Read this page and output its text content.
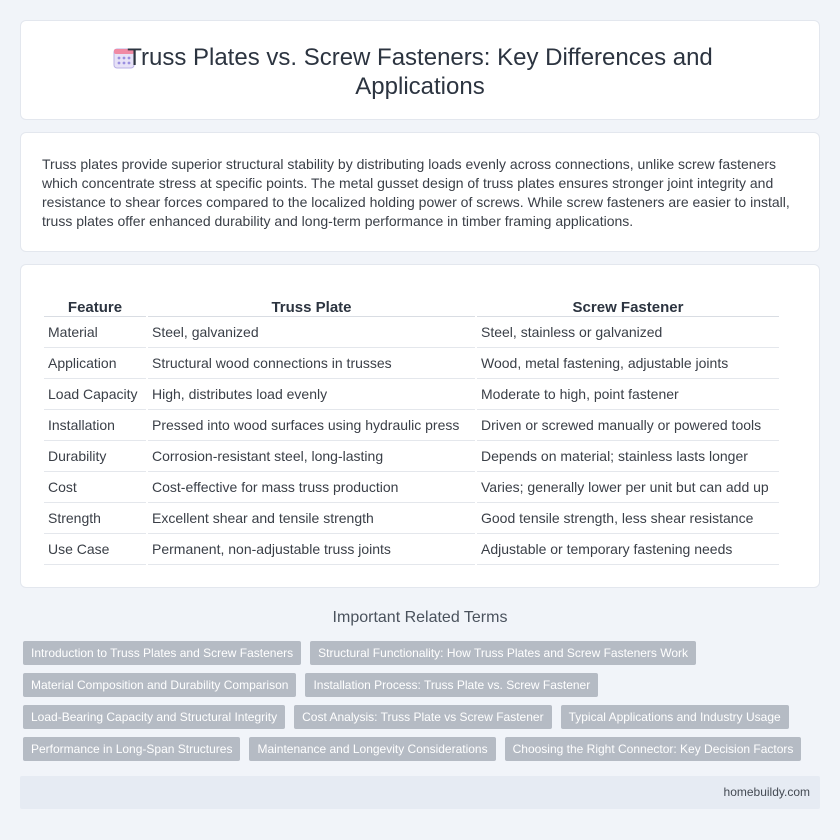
Truss Plates vs. Screw Fasteners: Key Differences and Applications

Truss plates provide superior structural stability by distributing loads evenly across connections, unlike screw fasteners which concentrate stress at specific points. The metal gusset design of truss plates ensures stronger joint integrity and resistance to shear forces compared to the localized holding power of screws. While screw fasteners are easier to install, truss plates offer enhanced durability and long-term performance in timber framing applications.

Feature	Truss Plate	Screw Fastener
Material	Steel, galvanized	Steel, stainless or galvanized
Application	Structural wood connections in trusses	Wood, metal fastening, adjustable joints
Load Capacity	High, distributes load evenly	Moderate to high, point fastener
Installation	Pressed into wood surfaces using hydraulic press	Driven or screwed manually or powered tools
Durability	Corrosion-resistant steel, long-lasting	Depends on material; stainless lasts longer
Cost	Cost-effective for mass truss production	Varies; generally lower per unit but can add up
Strength	Excellent shear and tensile strength	Good tensile strength, less shear resistance
Use Case	Permanent, non-adjustable truss joints	Adjustable or temporary fastening needs
Important Related Terms
Introduction to Truss Plates and Screw Fasteners	Structural Functionality: How Truss Plates and Screw Fasteners Work
Material Composition and Durability Comparison	Installation Process: Truss Plate vs. Screw Fastener
Load-Bearing Capacity and Structural Integrity	Cost Analysis: Truss Plate vs Screw Fastener	Typical Applications and Industry Usage
Performance in Long-Span Structures	Maintenance and Longevity Considerations	Choosing the Right Connector: Key Decision Factors
homebuildy.com
